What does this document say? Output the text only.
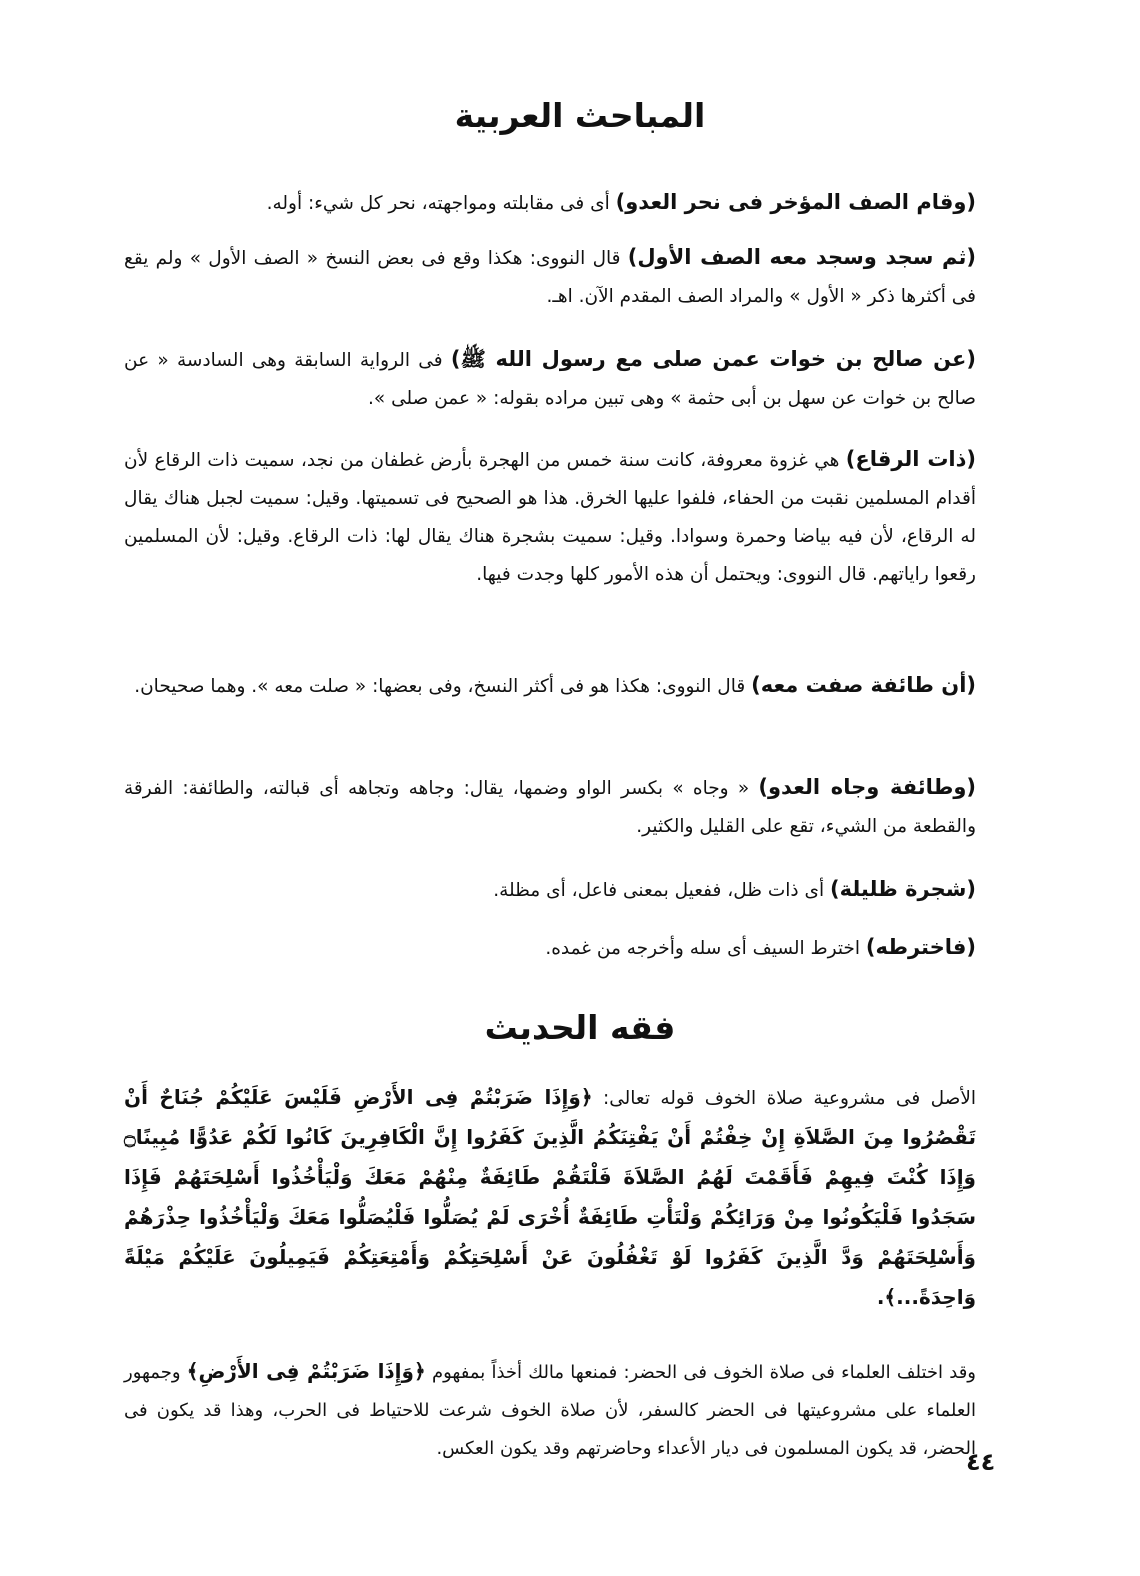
المباحث العربية

(وقام الصف المؤخر فى نحر العدو) أى فى مقابلته ومواجهته، نحر كل شيء: أوله.

(ثم سجد وسجد معه الصف الأول) قال النووى: هكذا وقع فى بعض النسخ « الصف الأول » ولم يقع فى أكثرها ذكر « الأول » والمراد الصف المقدم الآن. اهـ.

(عن صالح بن خوات عمن صلى مع رسول الله ﷺ) فى الرواية السابقة وهى السادسة « عن صالح بن خوات عن سهل بن أبى حثمة » وهى تبين مراده بقوله: « عمن صلى ».

(ذات الرقاع) هي غزوة معروفة، كانت سنة خمس من الهجرة بأرض غطفان من نجد، سميت ذات الرقاع لأن أقدام المسلمين نقبت من الحفاء، فلفوا عليها الخرق. هذا هو الصحيح فى تسميتها. وقيل: سميت لجبل هناك يقال له الرقاع، لأن فيه بياضا وحمرة وسوادا. وقيل: سميت بشجرة هناك يقال لها: ذات الرقاع. وقيل: لأن المسلمين رقعوا راياتهم. قال النووى: ويحتمل أن هذه الأمور كلها وجدت فيها.

(أن طائفة صفت معه) قال النووى: هكذا هو فى أكثر النسخ، وفى بعضها: « صلت معه ». وهما صحيحان.

(وطائفة وجاه العدو) « وجاه » بكسر الواو وضمها، يقال: وجاهه وتجاهه أى قبالته، والطائفة: الفرقة والقطعة من الشيء، تقع على القليل والكثير.

(شجرة ظليلة) أى ذات ظل، ففعيل بمعنى فاعل، أى مظلة.

(فاخترطه) اخترط السيف أى سله وأخرجه من غمده.

فقه الحديث

الأصل فى مشروعية صلاة الخوف قوله تعالى: ﴿وَإِذَا ضَرَبْتُمْ فِى الأَرْضِ فَلَيْسَ عَلَيْكُمْ جُنَاحٌ أَنْ تَقْصُرُوا مِنَ الصَّلاَةِ إِنْ خِفْتُمْ أَنْ يَفْتِنَكُمُ الَّذِينَ كَفَرُوا إِنَّ الْكَافِرِينَ كَانُوا لَكُمْ عَدُوًّا مُبِينًا۝ وَإِذَا كُنْتَ فِيهِمْ فَأَقَمْتَ لَهُمُ الصَّلاَةَ فَلْتَقُمْ طَائِفَةٌ مِنْهُمْ مَعَكَ وَلْيَأْخُذُوا أَسْلِحَتَهُمْ فَإِذَا سَجَدُوا فَلْيَكُونُوا مِنْ وَرَائِكُمْ وَلْتَأْتِ طَائِفَةٌ أُخْرَى لَمْ يُصَلُّوا فَلْيُصَلُّوا مَعَكَ وَلْيَأْخُذُوا حِذْرَهُمْ وَأَسْلِحَتَهُمْ وَدَّ الَّذِينَ كَفَرُوا لَوْ تَغْفُلُونَ عَنْ أَسْلِحَتِكُمْ وَأَمْتِعَتِكُمْ فَيَمِيلُونَ عَلَيْكُمْ مَيْلَةً وَاحِدَةً...﴾.

وقد اختلف العلماء فى صلاة الخوف فى الحضر: فمنعها مالك أخذاً بمفهوم ﴿وَإِذَا ضَرَبْتُمْ فِى الأَرْضِ﴾ وجمهور العلماء على مشروعيتها فى الحضر كالسفر، لأن صلاة الخوف شرعت للاحتياط فى الحرب، وهذا قد يكون فى الحضر، قد يكون المسلمون فى ديار الأعداء وحاضرتهم وقد يكون العكس.

٤٤
